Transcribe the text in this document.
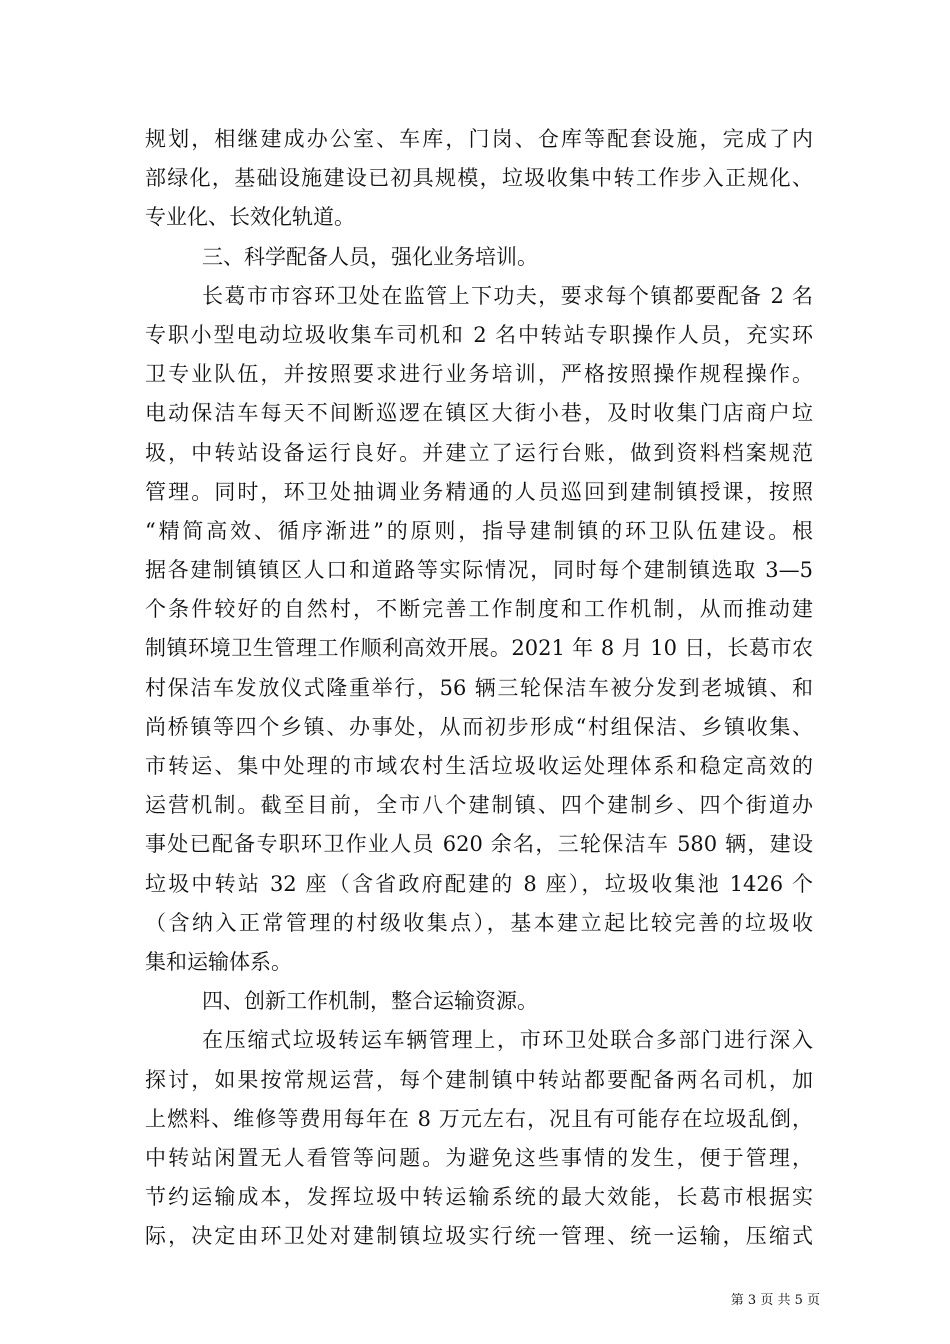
规划，相继建成办公室、车库，门岗、仓库等配套设施，完成了内
部绿化，基础设施建设已初具规模，垃圾收集中转工作步入正规化、
专业化、长效化轨道。
三、科学配备人员，强化业务培训。
长葛市市容环卫处在监管上下功夫，要求每个镇都要配备 2 名
专职小型电动垃圾收集车司机和 2 名中转站专职操作人员，充实环
卫专业队伍，并按照要求进行业务培训，严格按照操作规程操作。
电动保洁车每天不间断巡逻在镇区大街小巷，及时收集门店商户垃
圾，中转站设备运行良好。并建立了运行台账，做到资料档案规范
管理。同时，环卫处抽调业务精通的人员巡回到建制镇授课，按照
“精简高效、循序渐进”的原则，指导建制镇的环卫队伍建设。根
据各建制镇镇区人口和道路等实际情况，同时每个建制镇选取 3—5
个条件较好的自然村，不断完善工作制度和工作机制，从而推动建
制镇环境卫生管理工作顺利高效开展。2021 年 8 月 10 日，长葛市农
村保洁车发放仪式隆重举行，56 辆三轮保洁车被分发到老城镇、和
尚桥镇等四个乡镇、办事处，从而初步形成“村组保洁、乡镇收集、
市转运、集中处理的市域农村生活垃圾收运处理体系和稳定高效的
运营机制。截至目前，全市八个建制镇、四个建制乡、四个街道办
事处已配备专职环卫作业人员 620 余名，三轮保洁车 580 辆，建设
垃圾中转站 32 座（含省政府配建的 8 座），垃圾收集池 1426 个
（含纳入正常管理的村级收集点），基本建立起比较完善的垃圾收
集和运输体系。
四、创新工作机制，整合运输资源。
在压缩式垃圾转运车辆管理上，市环卫处联合多部门进行深入
探讨，如果按常规运营，每个建制镇中转站都要配备两名司机，加
上燃料、维修等费用每年在 8 万元左右，况且有可能存在垃圾乱倒，
中转站闲置无人看管等问题。为避免这些事情的发生，便于管理，
节约运输成本，发挥垃圾中转运输系统的最大效能，长葛市根据实
际，决定由环卫处对建制镇垃圾实行统一管理、统一运输，压缩式
第 3 页 共 5 页
